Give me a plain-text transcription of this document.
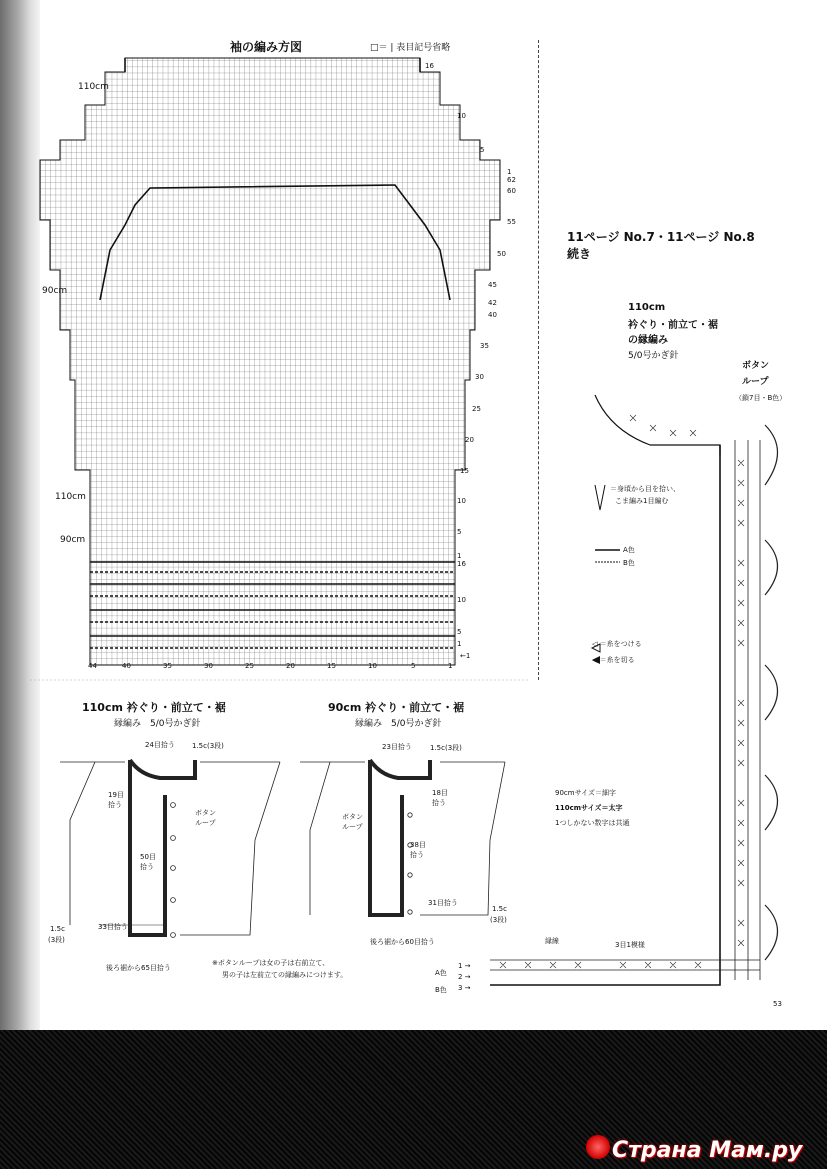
袖の編み方図	□＝ | 表目記号省略
110cm
90cm
110cm
90cm
16
10
5
1
62
60
55
50
45
42
40
35
30
25
20
15
10
5
1
16
10
5
1
←1
44	40	35	30	25	20	15	10	5	1
11ページ No.7・11ページ No.8
続き
110cm
衿ぐり・前立て・裾
の縁編み
5/0号かぎ針
ボタン
ループ
（鎖7目・B色）
＝身頃から目を拾い、
こま編み1目編む
A色
B色
◁ ＝糸をつける
◀ ＝糸を切る
90cmサイズ＝細字
110cmサイズ＝太字
1つしかない数字は共通
縁線	3目1模様
A色
B色
1 →
2 →
3 →
110cm 衿ぐり・前立て・裾
縁編み　5/0号かぎ針
24目拾う 1.5c(3段)
19目
拾う
ボタン
ループ
50目
拾う
33目拾う
1.5c
(3段)
後ろ裾から65目拾う
90cm 衿ぐり・前立て・裾
縁編み　5/0号かぎ針
23目拾う	1.5c(3段)
18目
拾う
ボタン
ループ
38目
拾う
31目拾う
1.5c
(3段)
後ろ裾から60目拾う
※ボタンループは女の子は右前立て、
男の子は左前立ての縁編みにつけます。
53
Страна Мам.ру
